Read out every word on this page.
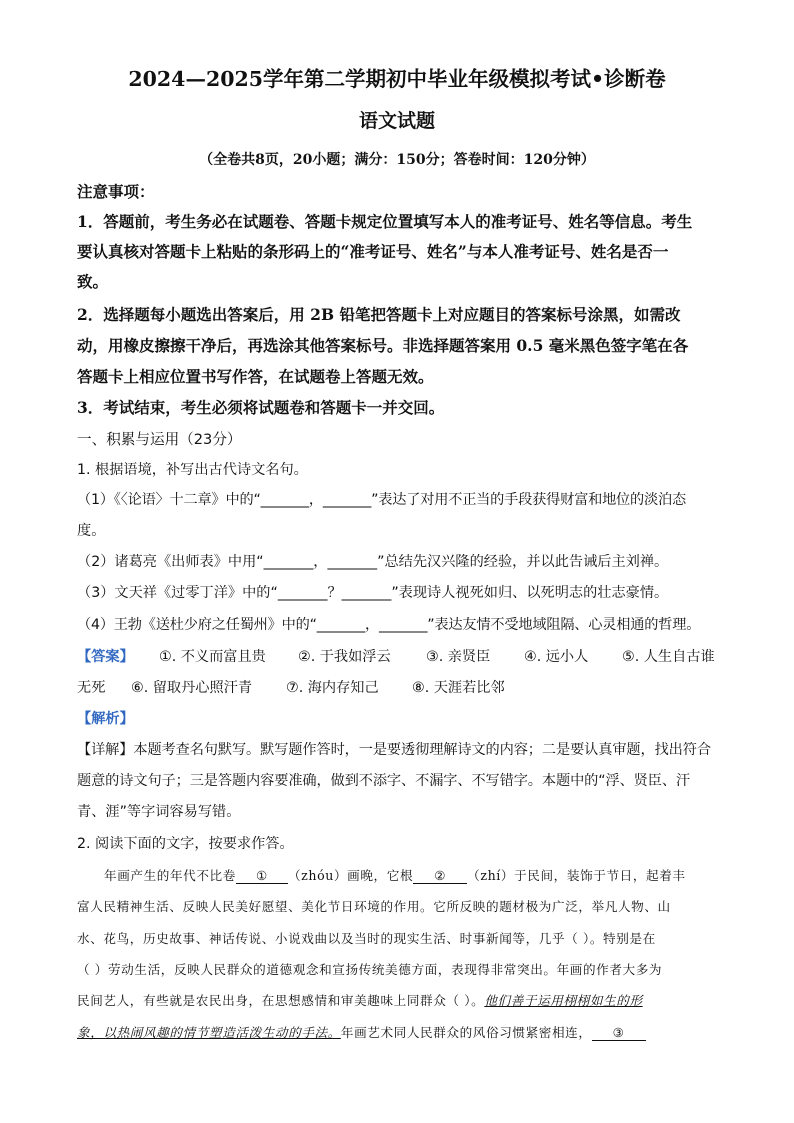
2024—2025学年第二学期初中毕业年级模拟考试•诊断卷
语文试题
（全卷共8页，20小题；满分：150分；答卷时间：120分钟）
注意事项：
1．答题前，考生务必在试题卷、答题卡规定位置填写本人的准考证号、姓名等信息。考生
要认真核对答题卡上粘贴的条形码上的“准考证号、姓名”与本人准考证号、姓名是否一
致。
2．选择题每小题选出答案后，用 2B 铅笔把答题卡上对应题目的答案标号涂黑，如需改
动，用橡皮擦擦干净后，再选涂其他答案标号。非选择题答案用 0.5 毫米黑色签字笔在各
答题卡上相应位置书写作答，在试题卷上答题无效。
3．考试结束，考生必须将试题卷和答题卡一并交回。
一、积累与运用（23分）
1. 根据语境，补写出古代诗文名句。
（1）《〈论语〉十二章》中的“_______，_______”表达了对用不正当的手段获得财富和地位的淡泊态
度。
（2）诸葛亮《出师表》中用“_______，_______”总结先汉兴隆的经验，并以此告诫后主刘禅。
（3）文天祥《过零丁洋》中的“_______？_______”表现诗人视死如归、以死明志的壮志豪情。
（4）王勃《送杜少府之任蜀州》中的“_______，_______”表达友情不受地域阻隔、心灵相通的哲理。
【答案】 ①. 不义而富且贵 ②. 于我如浮云 ③. 亲贤臣 ④. 远小人 ⑤. 人生自古谁
无死 ⑥. 留取丹心照汗青 ⑦. 海内存知己 ⑧. 天涯若比邻
【解析】
【详解】本题考查名句默写。默写题作答时，一是要透彻理解诗文的内容；二是要认真审题，找出符合
题意的诗文句子；三是答题内容要准确，做到不添字、不漏字、不写错字。本题中的“浮、贤臣、汗
青、涯”等字词容易写错。
2. 阅读下面的文字，按要求作答。
年画产生的年代不比卷 ① （zhóu）画晚，它根 ② （zhí）于民间，装饰于节日，起着丰
富人民精神生活、反映人民美好愿望、美化节日环境的作用。它所反映的题材极为广泛，举凡人物、山
水、花鸟，历史故事、神话传说、小说戏曲以及当时的现实生活、时事新闻等，几乎（ ）。特别是在
（ ）劳动生活，反映人民群众的道德观念和宣扬传统美德方面，表现得非常突出。年画的作者大多为
民间艺人，有些就是农民出身，在思想感情和审美趣味上同群众（ ）。他们善于运用栩栩如生的形
象，以热闹风趣的情节塑造活泼生动的手法。年画艺术同人民群众的风俗习惯紧密相连， ③
